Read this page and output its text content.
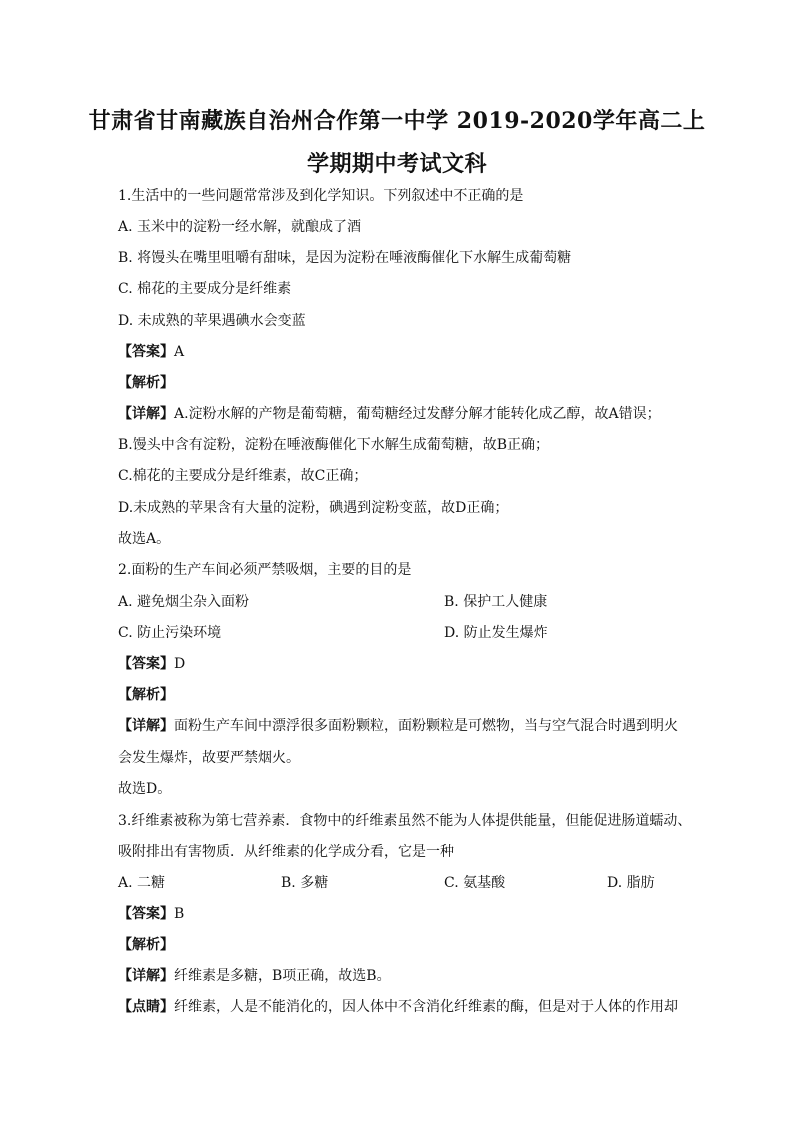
甘肃省甘南藏族自治州合作第一中学 2019-2020学年高二上
学期期中考试文科
1.生活中的一些问题常常涉及到化学知识。下列叙述中不正确的是
A. 玉米中的淀粉一经水解，就酿成了酒
B. 将馒头在嘴里咀嚼有甜味，是因为淀粉在唾液酶催化下水解生成葡萄糖
C. 棉花的主要成分是纤维素
D. 未成熟的苹果遇碘水会变蓝
【答案】A
【解析】
【详解】A.淀粉水解的产物是葡萄糖，葡萄糖经过发酵分解才能转化成乙醇，故A错误；
B.馒头中含有淀粉，淀粉在唾液酶催化下水解生成葡萄糖，故B正确；
C.棉花的主要成分是纤维素，故C正确；
D.未成熟的苹果含有大量的淀粉，碘遇到淀粉变蓝，故D正确；
故选A。
2.面粉的生产车间必须严禁吸烟，主要的目的是
A. 避免烟尘杂入面粉	B. 保护工人健康
C. 防止污染环境	D. 防止发生爆炸
【答案】D
【解析】
【详解】面粉生产车间中漂浮很多面粉颗粒，面粉颗粒是可燃物，当与空气混合时遇到明火
会发生爆炸，故要严禁烟火。
故选D。
3.纤维素被称为第七营养素．食物中的纤维素虽然不能为人体提供能量，但能促进肠道蠕动、
吸附排出有害物质．从纤维素的化学成分看，它是一种
A. 二糖	B. 多糖	C. 氨基酸	D. 脂肪
【答案】B
【解析】
【详解】纤维素是多糖，B项正确，故选B。
【点睛】纤维素，人是不能消化的，因人体中不含消化纤维素的酶，但是对于人体的作用却
